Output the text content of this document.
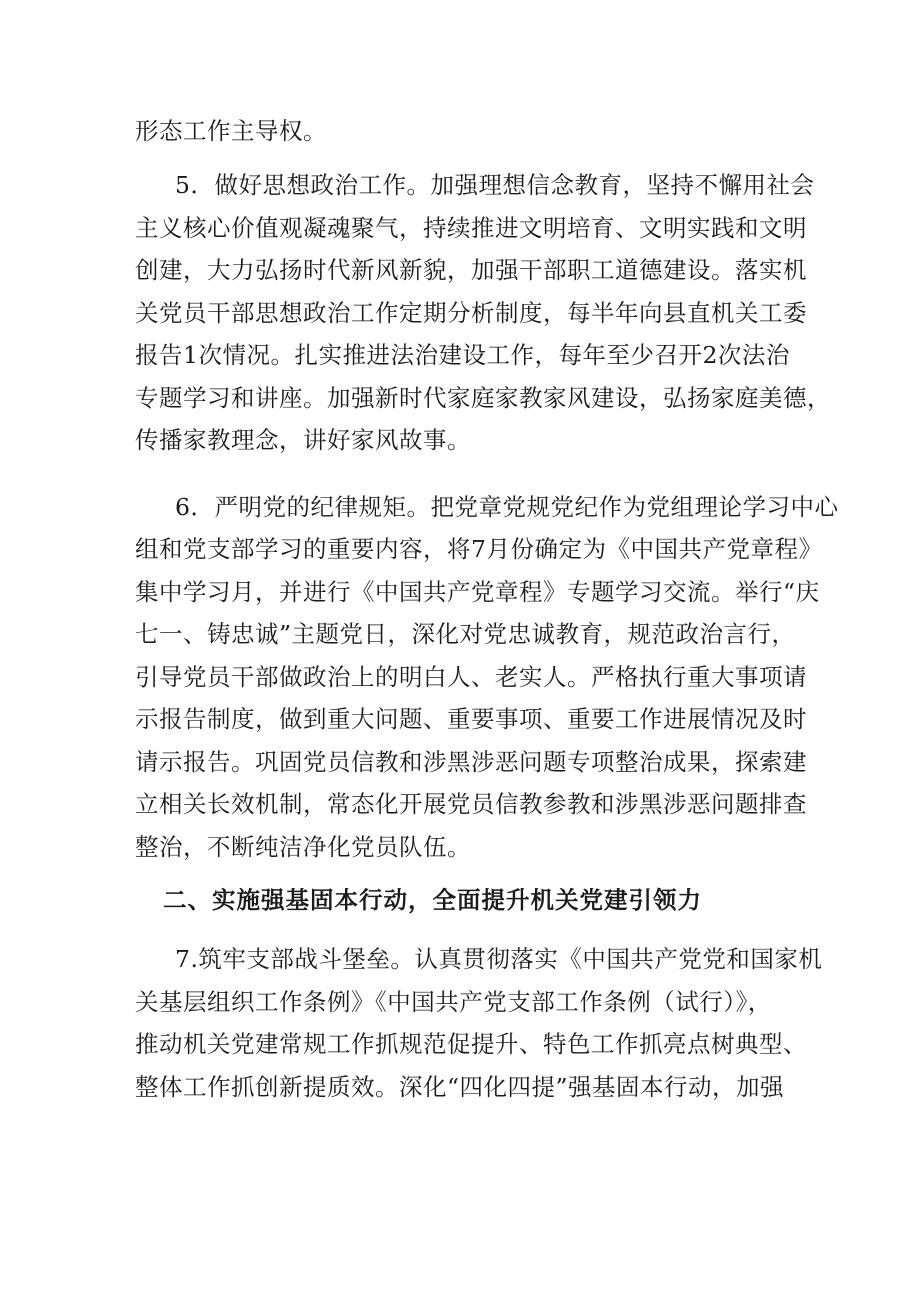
形态工作主导权。
5．做好思想政治工作。加强理想信念教育，坚持不懈用社会
主义核心价值观凝魂聚气，持续推进文明培育、文明实践和文明
创建，大力弘扬时代新风新貌，加强干部职工道德建设。落实机
关党员干部思想政治工作定期分析制度，每半年向县直机关工委
报告1次情况。扎实推进法治建设工作，每年至少召开2次法治
专题学习和讲座。加强新时代家庭家教家风建设，弘扬家庭美德，
传播家教理念，讲好家风故事。
6．严明党的纪律规矩。把党章党规党纪作为党组理论学习中心
组和党支部学习的重要内容，将7月份确定为《中国共产党章程》
集中学习月，并进行《中国共产党章程》专题学习交流。举行“庆
七一、铸忠诚”主题党日，深化对党忠诚教育，规范政治言行，
引导党员干部做政治上的明白人、老实人。严格执行重大事项请
示报告制度，做到重大问题、重要事项、重要工作进展情况及时
请示报告。巩固党员信教和涉黑涉恶问题专项整治成果，探索建
立相关长效机制，常态化开展党员信教参教和涉黑涉恶问题排查
整治，不断纯洁净化党员队伍。
二、实施强基固本行动，全面提升机关党建引领力
7.筑牢支部战斗堡垒。认真贯彻落实《中国共产党党和国家机
关基层组织工作条例》《中国共产党支部工作条例（试行）》，
推动机关党建常规工作抓规范促提升、特色工作抓亮点树典型、
整体工作抓创新提质效。深化“四化四提”强基固本行动，加强
